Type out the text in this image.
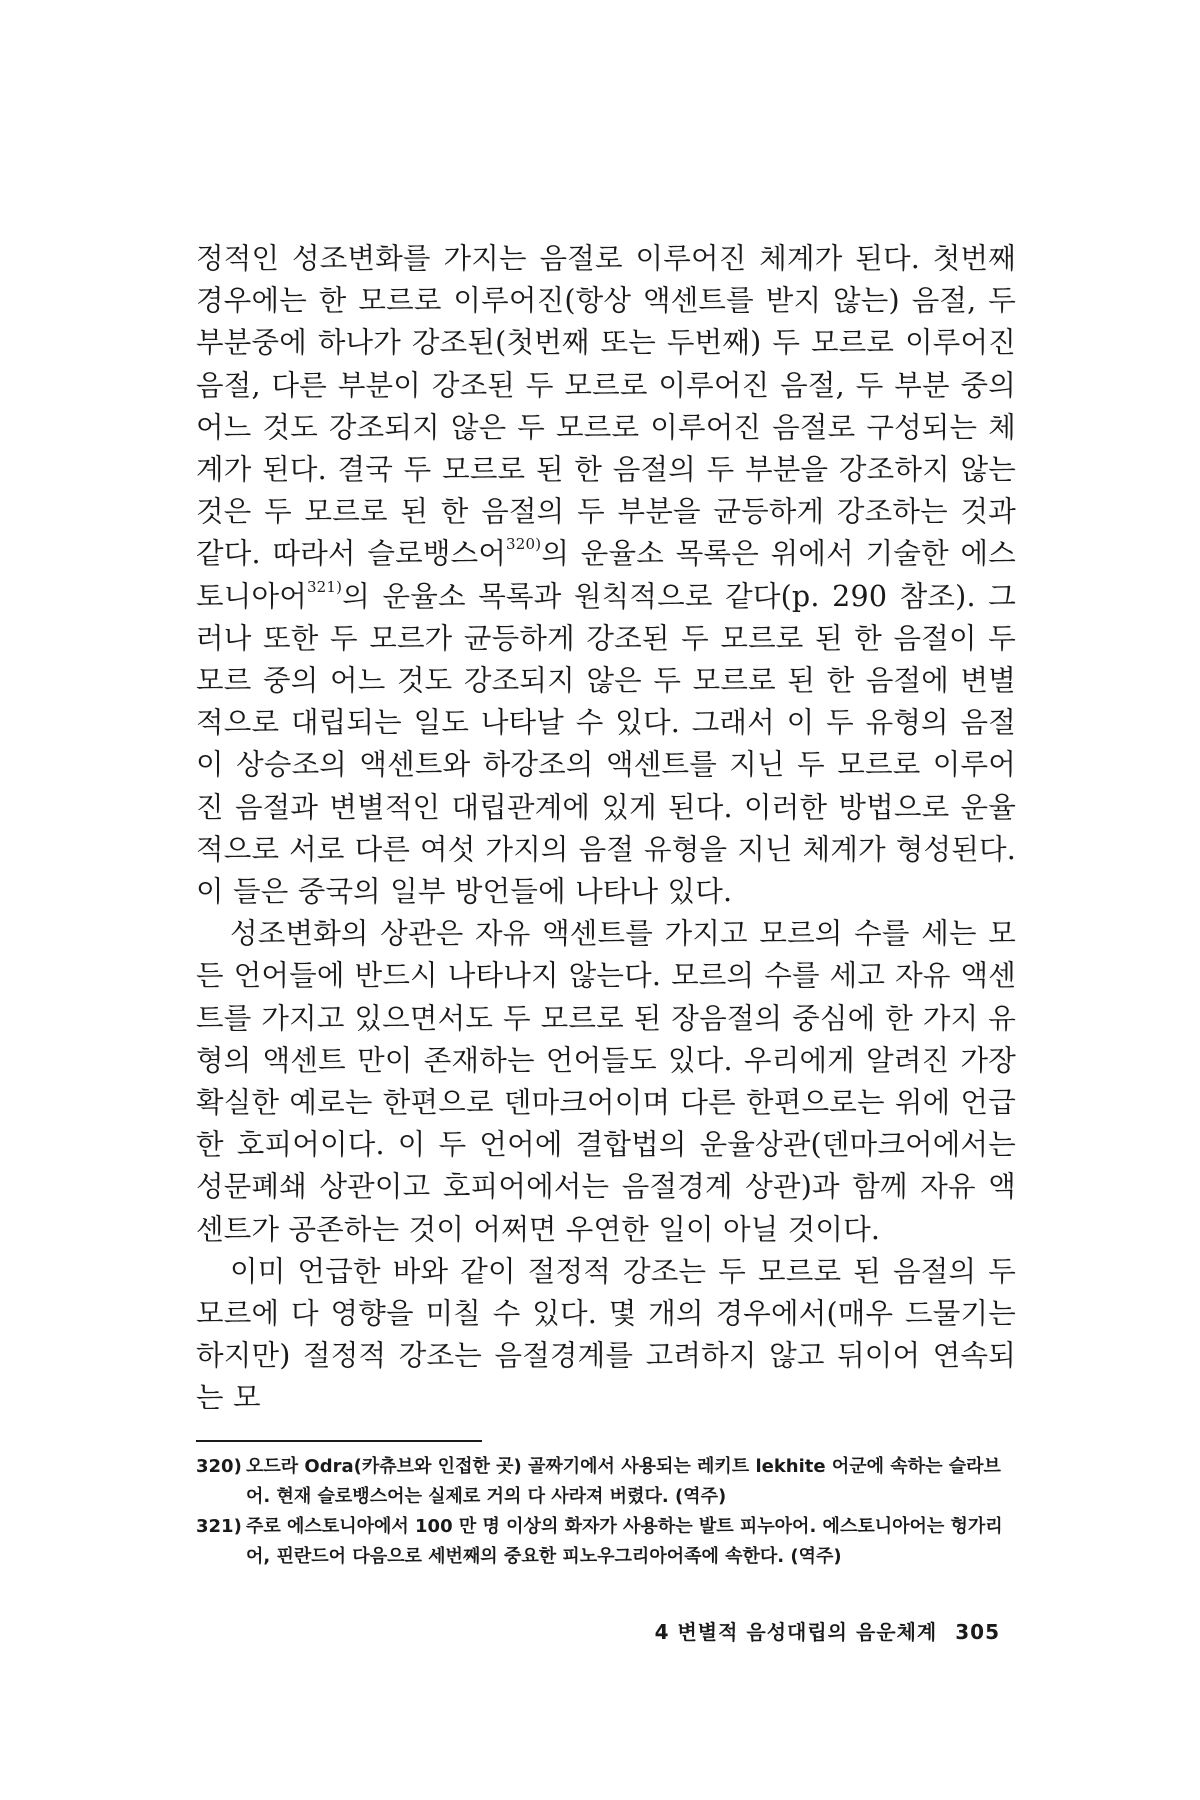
정적인 성조변화를 가지는 음절로 이루어진 체계가 된다. 첫번째 경우에는 한 모르로 이루어진(항상 액센트를 받지 않는) 음절, 두 부분중에 하나가 강조된(첫번째 또는 두번째) 두 모르로 이루어진 음절, 다른 부분이 강조된 두 모르로 이루어진 음절, 두 부분 중의 어느 것도 강조되지 않은 두 모르로 이루어진 음절로 구성되는 체계가 된다. 결국 두 모르로 된 한 음절의 두 부분을 강조하지 않는 것은 두 모르로 된 한 음절의 두 부분을 균등하게 강조하는 것과 같다. 따라서 슬로뱅스어$^{320)}$의 운율소 목록은 위에서 기술한 에스토니아어$^{321)}$의 운율소 목록과 원칙적으로 같다(p. 290 참조). 그러나 또한 두 모르가 균등하게 강조된 두 모르로 된 한 음절이 두 모르 중의 어느 것도 강조되지 않은 두 모르로 된 한 음절에 변별적으로 대립되는 일도 나타날 수 있다. 그래서 이 두 유형의 음절이 상승조의 액센트와 하강조의 액센트를 지닌 두 모르로 이루어진 음절과 변별적인 대립관계에 있게 된다. 이러한 방법으로 운율적으로 서로 다른 여섯 가지의 음절 유형을 지닌 체계가 형성된다. 이 들은 중국의 일부 방언들에 나타나 있다.

성조변화의 상관은 자유 액센트를 가지고 모르의 수를 세는 모든 언어들에 반드시 나타나지 않는다. 모르의 수를 세고 자유 액센트를 가지고 있으면서도 두 모르로 된 장음절의 중심에 한 가지 유형의 액센트 만이 존재하는 언어들도 있다. 우리에게 알려진 가장 확실한 예로는 한편으로 덴마크어이며 다른 한편으로는 위에 언급한 호피어이다. 이 두 언어에 결합법의 운율상관(덴마크어에서는 성문폐쇄 상관이고 호피어에서는 음절경계 상관)과 함께 자유 액센트가 공존하는 것이 어쩌면 우연한 일이 아닐 것이다.

이미 언급한 바와 같이 절정적 강조는 두 모르로 된 음절의 두 모르에 다 영향을 미칠 수 있다. 몇 개의 경우에서(매우 드물기는 하지만) 절정적 강조는 음절경계를 고려하지 않고 뒤이어 연속되는 모

320) 오드라 Odra(카츄브와 인접한 곳) 골짜기에서 사용되는 레키트 lekhite 어군에 속하는 슬라브어. 현재 슬로뱅스어는 실제로 거의 다 사라져 버렸다. (역주)
321) 주로 에스토니아에서 100 만 명 이상의 화자가 사용하는 발트 피누아어. 에스토니아어는 헝가리어, 핀란드어 다음으로 세번째의 중요한 피노우그리아어족에 속한다. (역주)
4 변별적 음성대립의 음운체계 305
